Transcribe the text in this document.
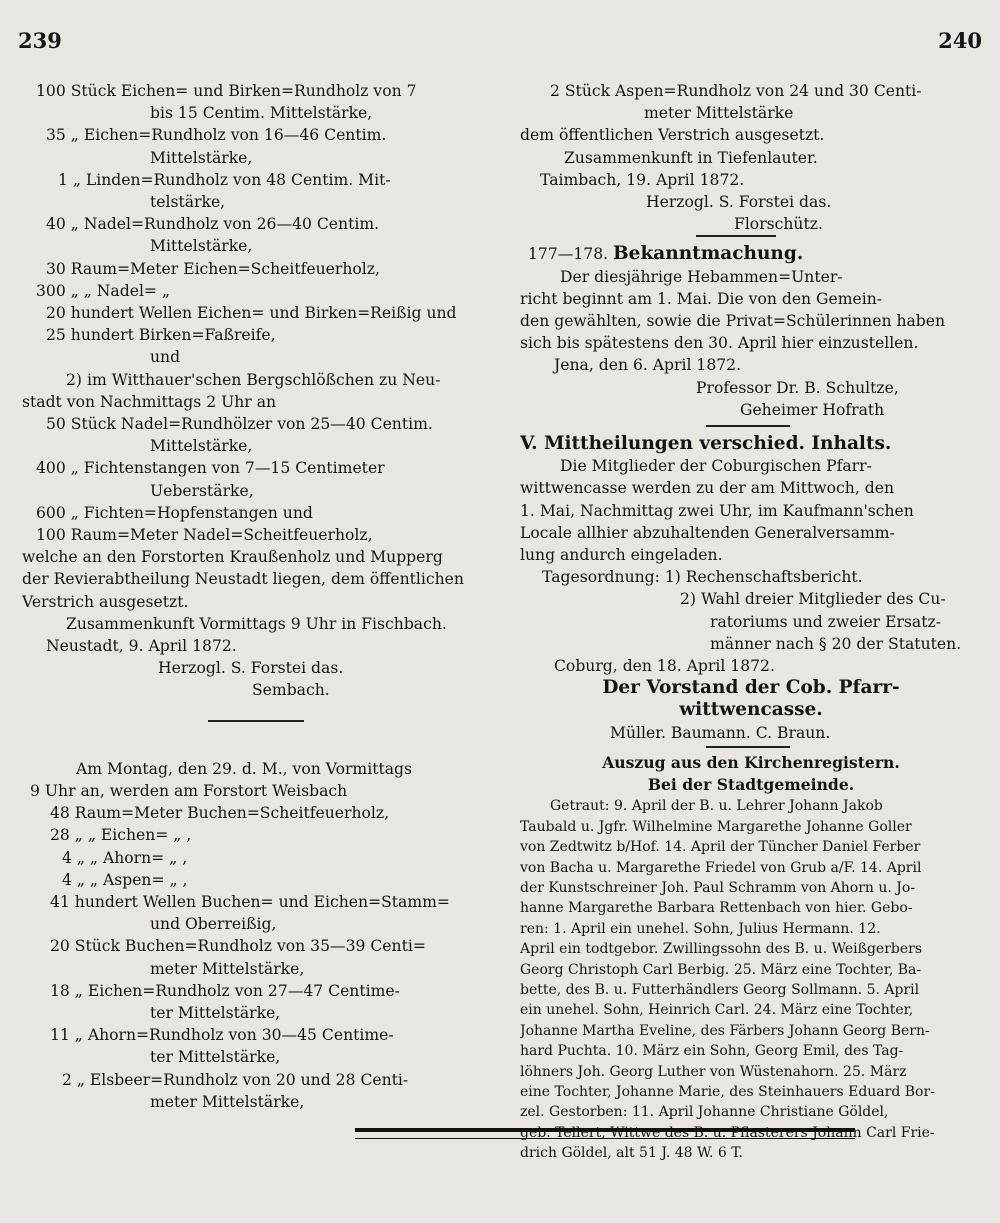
239	240
100 Stück Eichen= und Birken=Rundholz von 7
bis 15 Centim. Mittelstärke,
35 „ Eichen=Rundholz von 16—46 Centim.
Mittelstärke,
1 „ Linden=Rundholz von 48 Centim. Mit-
telstärke,
40 „ Nadel=Rundholz von 26—40 Centim.
Mittelstärke,
30 Raum=Meter Eichen=Scheitfeuerholz,
300 „ „ Nadel= „
20 hundert Wellen Eichen= und Birken=Reißig und
25 hundert Birken=Faßreife,
und
2) im Witthauer'schen Bergschlößchen zu Neu-
stadt von Nachmittags 2 Uhr an
50 Stück Nadel=Rundhölzer von 25—40 Centim.
Mittelstärke,
400 „ Fichtenstangen von 7—15 Centimeter
Ueberstärke,
600 „ Fichten=Hopfenstangen und
100 Raum=Meter Nadel=Scheitfeuerholz,
welche an den Forstorten Kraußenholz und Mupperg
der Revierabtheilung Neustadt liegen, dem öffentlichen
Verstrich ausgesetzt.
Zusammenkunft Vormittags 9 Uhr in Fischbach.
Neustadt, 9. April 1872.
Herzogl. S. Forstei das.
Sembach.
Am Montag, den 29. d. M., von Vormittags
9 Uhr an, werden am Forstort Weisbach
48 Raum=Meter Buchen=Scheitfeuerholz,
28 „ „ Eichen= „ ,
4 „ „ Ahorn= „ ,
4 „ „ Aspen= „ ,
41 hundert Wellen Buchen= und Eichen=Stamm=
und Oberreißig,
20 Stück Buchen=Rundholz von 35—39 Centi=
meter Mittelstärke,
18 „ Eichen=Rundholz von 27—47 Centime-
ter Mittelstärke,
11 „ Ahorn=Rundholz von 30—45 Centime-
ter Mittelstärke,
2 „ Elsbeer=Rundholz von 20 und 28 Centi-
meter Mittelstärke,
2 Stück Aspen=Rundholz von 24 und 30 Centi-
meter Mittelstärke
dem öffentlichen Verstrich ausgesetzt.
Zusammenkunft in Tiefenlauter.
Taimbach, 19. April 1872.
Herzogl. S. Forstei das.
Florschütz.
177—178. Bekanntmachung.
Der diesjährige Hebammen=Unter-
richt beginnt am 1. Mai. Die von den Gemein-
den gewählten, sowie die Privat=Schülerinnen haben
sich bis spätestens den 30. April hier einzustellen.
Jena, den 6. April 1872.
Professor Dr. B. Schultze,
Geheimer Hofrath
V. Mittheilungen verschied. Inhalts.
Die Mitglieder der Coburgischen Pfarr-
wittwencasse werden zu der am Mittwoch, den
1. Mai, Nachmittag zwei Uhr, im Kaufmann'schen
Locale allhier abzuhaltenden Generalversamm-
lung andurch eingeladen.
Tagesordnung: 1) Rechenschaftsbericht.
2) Wahl dreier Mitglieder des Cu-
ratoriums und zweier Ersatz-
männer nach § 20 der Statuten.
Coburg, den 18. April 1872.
Der Vorstand der Cob. Pfarr-
wittwencasse.
Müller. Baumann. C. Braun.
Auszug aus den Kirchenregistern.
Bei der Stadtgemeinde.
Getraut: 9. April der B. u. Lehrer Johann Jakob
Taubald u. Jgfr. Wilhelmine Margarethe Johanne Goller
von Zedtwitz b/Hof. 14. April der Tüncher Daniel Ferber
von Bacha u. Margarethe Friedel von Grub a/F. 14. April
der Kunstschreiner Joh. Paul Schramm von Ahorn u. Jo-
hanne Margarethe Barbara Rettenbach von hier. Gebo-
ren: 1. April ein unehel. Sohn, Julius Hermann. 12.
April ein todtgebor. Zwillingssohn des B. u. Weißgerbers
Georg Christoph Carl Berbig. 25. März eine Tochter, Ba-
bette, des B. u. Futterhändlers Georg Sollmann. 5. April
ein unehel. Sohn, Heinrich Carl. 24. März eine Tochter,
Johanne Martha Eveline, des Färbers Johann Georg Bern-
hard Puchta. 10. März ein Sohn, Georg Emil, des Tag-
löhners Joh. Georg Luther von Wüstenahorn. 25. März
eine Tochter, Johanne Marie, des Steinhauers Eduard Bor-
zel. Gestorben: 11. April Johanne Christiane Göldel,
geb. Tellert, Wittwe des B. u. Pflasterers Johann Carl Frie-
drich Göldel, alt 51 J. 48 W. 6 T.
